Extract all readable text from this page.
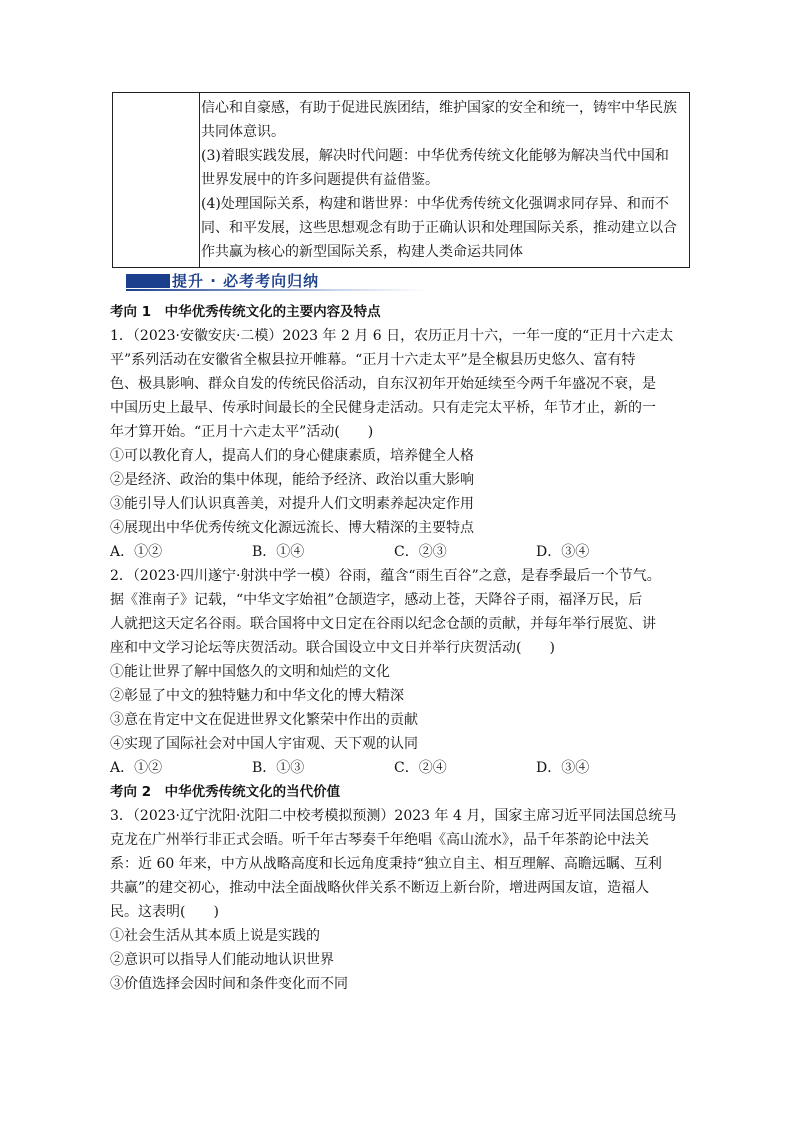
信心和自豪感，有助于促进民族团结，维护国家的安全和统一，铸牢中华民族

共同体意识。

(3)着眼实践发展，解决时代问题：中华优秀传统文化能够为解决当代中国和

世界发展中的许多问题提供有益借鉴。

(4)处理国际关系，构建和谐世界：中华优秀传统文化强调求同存异、和而不

同、和平发展，这些思想观念有助于正确认识和处理国际关系，推动建立以合

作共赢为核心的新型国际关系，构建人类命运共同体

提升 · 必考考向归纳

考向 1　中华优秀传统文化的主要内容及特点

1．（2023·安徽安庆·二模）2023 年 2 月 6 日，农历正月十六，一年一度的“正月十六走太

平”系列活动在安徽省全椒县拉开帷幕。“正月十六走太平”是全椒县历史悠久、富有特

色、极具影响、群众自发的传统民俗活动，自东汉初年开始延续至今两千年盛况不衰，是

中国历史上最早、传承时间最长的全民健身走活动。只有走完太平桥，年节才止，新的一

年才算开始。“正月十六走太平”活动(　　)

①可以教化育人，提高人们的身心健康素质，培养健全人格

②是经济、政治的集中体现，能给予经济、政治以重大影响

③能引导人们认识真善美，对提升人们文明素养起决定作用

④展现出中华优秀传统文化源远流长、博大精深的主要特点

A．①②	B．①④	C．②③	D．③④

2．（2023·四川遂宁·射洪中学一模）谷雨，蕴含“雨生百谷”之意，是春季最后一个节气。

据《淮南子》记载，“中华文字始祖”仓颉造字，感动上苍，天降谷子雨，福泽万民，后

人就把这天定名谷雨。联合国将中文日定在谷雨以纪念仓颉的贡献，并每年举行展览、讲

座和中文学习论坛等庆贺活动。联合国设立中文日并举行庆贺活动(　　)

①能让世界了解中国悠久的文明和灿烂的文化

②彰显了中文的独特魅力和中华文化的博大精深

③意在肯定中文在促进世界文化繁荣中作出的贡献

④实现了国际社会对中国人宇宙观、天下观的认同

A．①②	B．①③	C．②④	D．③④

考向 2　中华优秀传统文化的当代价值

3．（2023·辽宁沈阳·沈阳二中校考模拟预测）2023 年 4 月，国家主席习近平同法国总统马

克龙在广州举行非正式会晤。听千年古琴奏千年绝唱《高山流水》，品千年茶韵论中法关

系：近 60 年来，中方从战略高度和长远角度秉持“独立自主、相互理解、高瞻远瞩、互利

共赢”的建交初心，推动中法全面战略伙伴关系不断迈上新台阶，增进两国友谊，造福人

民。这表明(　　)

①社会生活从其本质上说是实践的

②意识可以指导人们能动地认识世界

③价值选择会因时间和条件变化而不同
